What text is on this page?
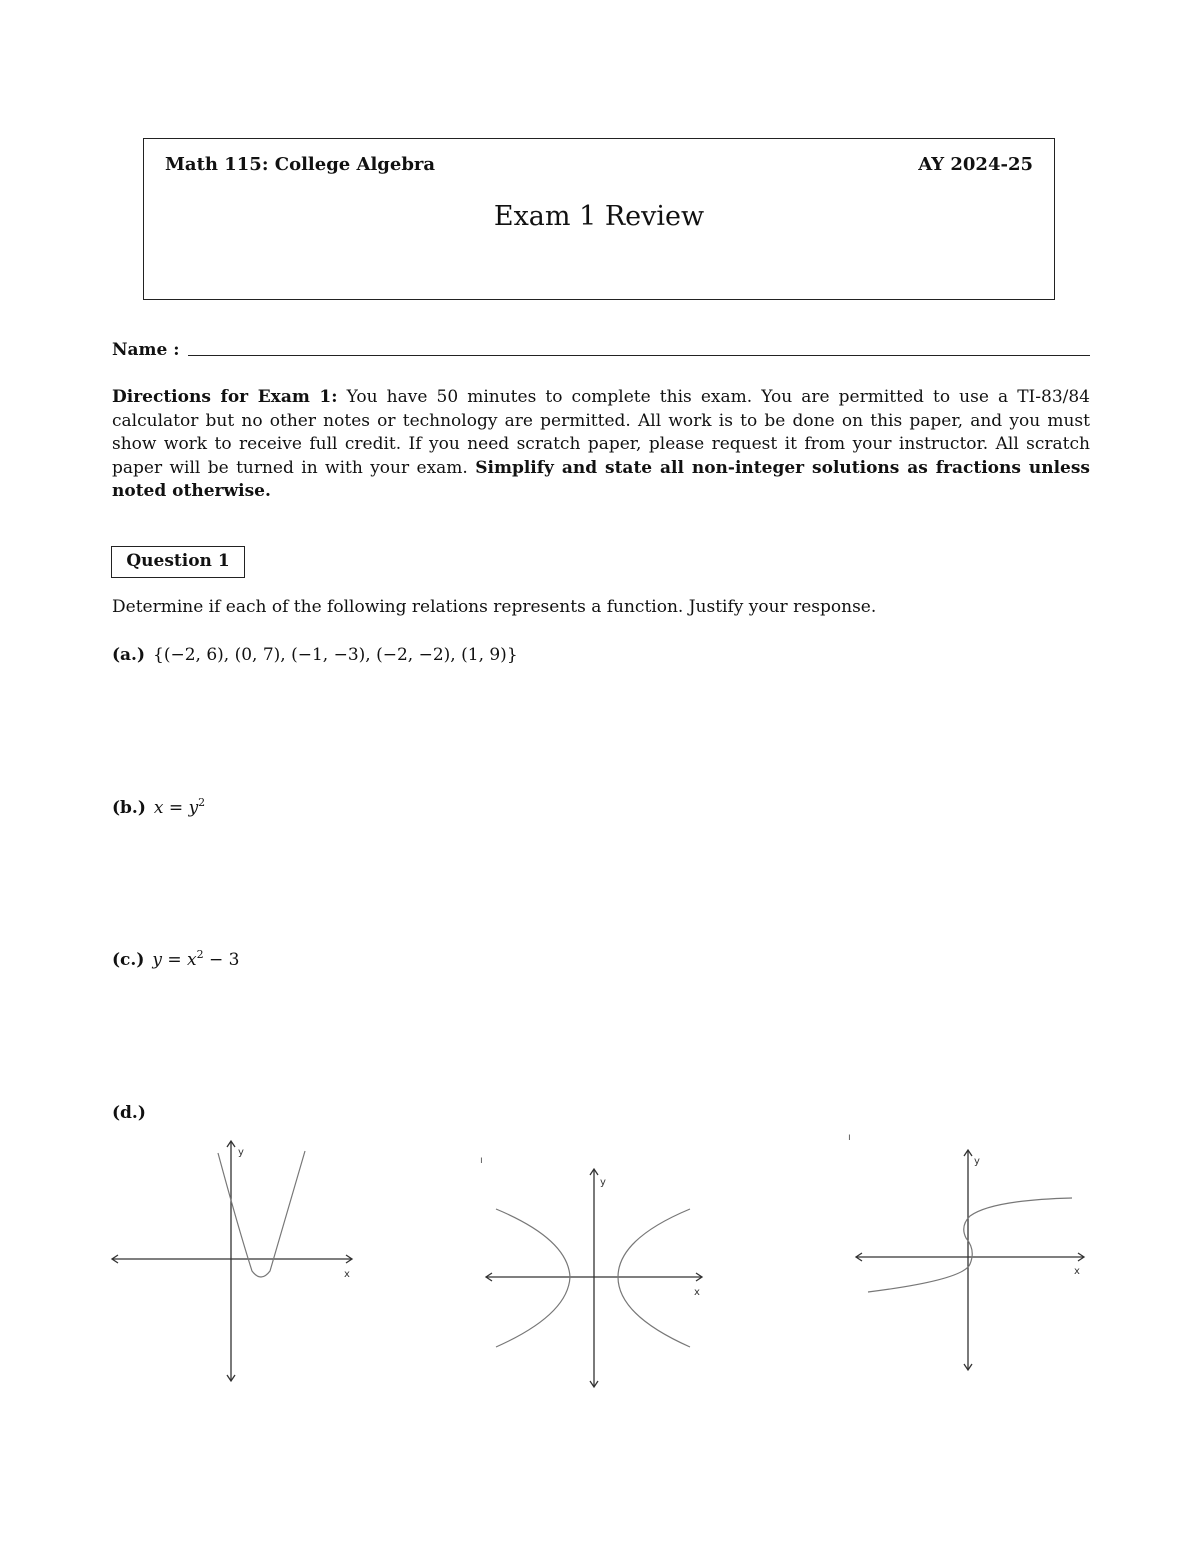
Math 115: College Algebra	AY 2024-25
Exam 1 Review
Name :
Directions for Exam 1: You have 50 minutes to complete this exam. You are permitted to use a TI-83/84 calculator but no other notes or technology are permitted. All work is to be done on this paper, and you must show work to receive full credit. If you need scratch paper, please request it from your instructor. All scratch paper will be turned in with your exam. Simplify and state all non-integer solutions as fractions unless noted otherwise.
Question 1
Determine if each of the following relations represents a function. Justify your response.
(a.) {(−2, 6), (0, 7), (−1, −3), (−2, −2), (1, 9)}
(b.) $x = y^2$
(c.) $y = x^2 - 3$
(d.)
x
y
x
y
x
y
ı
ı
